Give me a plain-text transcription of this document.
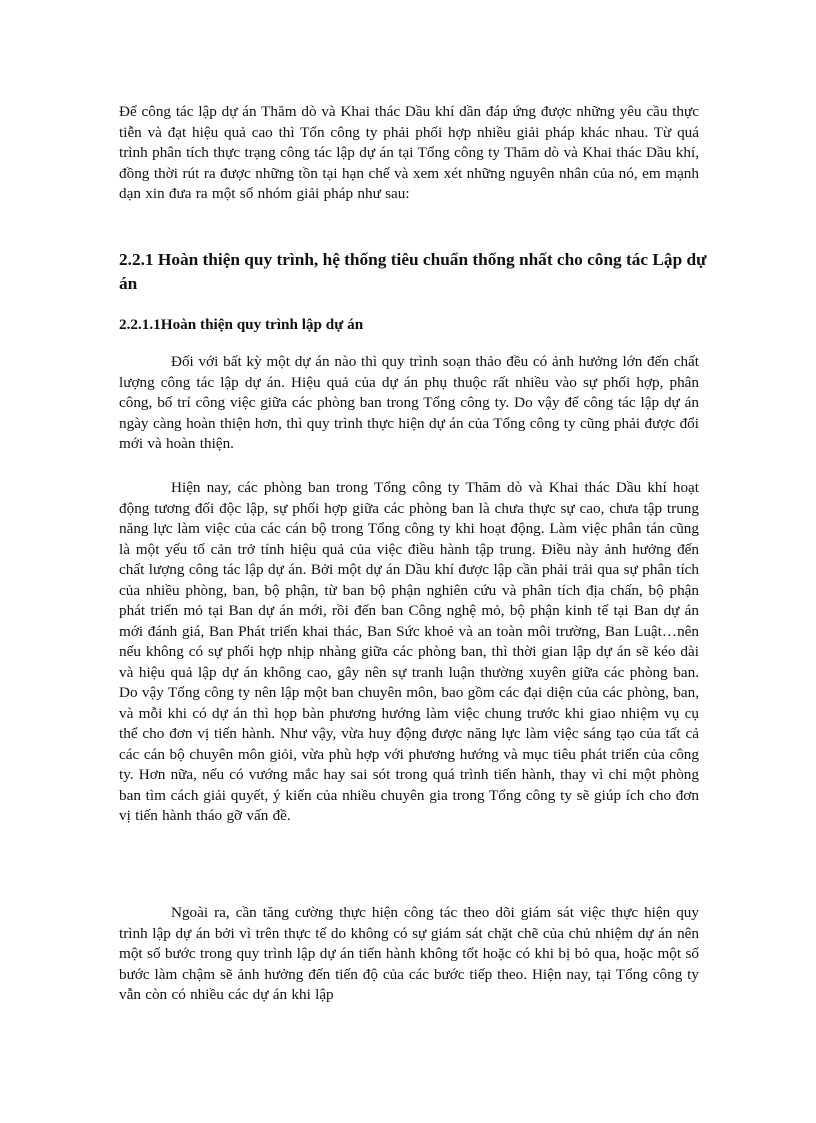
Để công tác lập dự án Thăm dò và Khai thác Dầu khí dần đáp ứng được những yêu cầu thực tiễn và đạt hiệu quả cao thì Tổn công ty phải phối hợp nhiều giải pháp khác nhau. Từ quá trình phân tích thực trạng công tác lập dự án tại Tổng công ty Thăm dò và Khai thác Dầu khí, đồng thời rút ra được những tồn tại hạn chế và xem xét những nguyên nhân của nó, em mạnh dạn xin đưa ra một số nhóm giải pháp như sau:

2.2.1 Hoàn thiện quy trình, hệ thống tiêu chuẩn thống nhất cho công tác Lập dự án
2.2.1.1Hoàn thiện quy trình lập dự án

Đối với bất kỳ một dự án nào thì quy trình soạn thảo đều có ảnh hưởng lớn đến chất lượng công tác lập dự án. Hiệu quả của dự án phụ thuộc rất nhiều vào sự phối hợp, phân công, bố trí công việc giữa các phòng ban trong Tổng công ty. Do vậy để công tác lập dự án ngày càng hoàn thiện hơn, thì quy trình thực hiện dự án của Tổng công ty cũng phải được đổi mới và hoàn thiện.

Hiện nay, các phòng ban trong Tổng công ty Thăm dò và Khai thác Dầu khí hoạt động tương đối độc lập, sự phối hợp giữa các phòng ban là chưa thực sự cao, chưa tập trung năng lực làm việc của các cán bộ trong Tổng công ty khi hoạt động. Làm việc phân tán cũng là một yếu tố cản trở tính hiệu quả của việc điều hành tập trung. Điều này ảnh hưởng đến chất lượng công tác lập dự án. Bởi một dự án Dầu khí được lập cần phải trải qua sự phân tích của nhiều phòng, ban, bộ phận, từ ban bộ phận nghiên cứu và phân tích địa chấn, bộ phận phát triển mỏ tại Ban dự án mới, rồi đến ban Công nghệ mỏ, bộ phận kinh tế tại Ban dự án mới đánh giá, Ban Phát triển khai thác, Ban Sức khoẻ và an toàn môi trường, Ban Luật…nên nếu không có sự phối hợp nhịp nhàng giữa các phòng ban, thì thời gian lập dự án sẽ kéo dài và hiệu quả lập dự án không cao, gây nên sự tranh luận thường xuyên giữa các phòng ban. Do vậy Tổng công ty nên lập một ban chuyên môn, bao gồm các đại diện của các phòng, ban, và mỗi khi có dự án thì họp bàn phương hướng làm việc chung trước khi giao nhiệm vụ cụ thể cho đơn vị tiến hành. Như vậy, vừa huy động được năng lực làm việc sáng tạo của tất cả các cán bộ chuyên môn giỏi, vừa phù hợp với phương hướng và mục tiêu phát triển của công ty. Hơn nữa, nếu có vướng mắc hay sai sót trong quá trình tiến hành, thay vì chỉ một phòng ban tìm cách giải quyết, ý kiến của nhiều chuyên gia trong Tổng công ty sẽ giúp ích cho đơn vị tiến hành tháo gỡ vấn đề.

Ngoài ra, cần tăng cường thực hiện công tác theo dõi giám sát việc thực hiện quy trình lập dự án bởi vì trên thực tế do không có sự giám sát chặt chẽ của chủ nhiệm dự án nên một số bước trong quy trình lập dự án tiến hành không tốt hoặc có khi bị bỏ qua, hoặc một số bước làm chậm sẽ ảnh hưởng đến tiến độ của các bước tiếp theo. Hiện nay, tại Tổng công ty vẫn còn có nhiều các dự án khi lập
